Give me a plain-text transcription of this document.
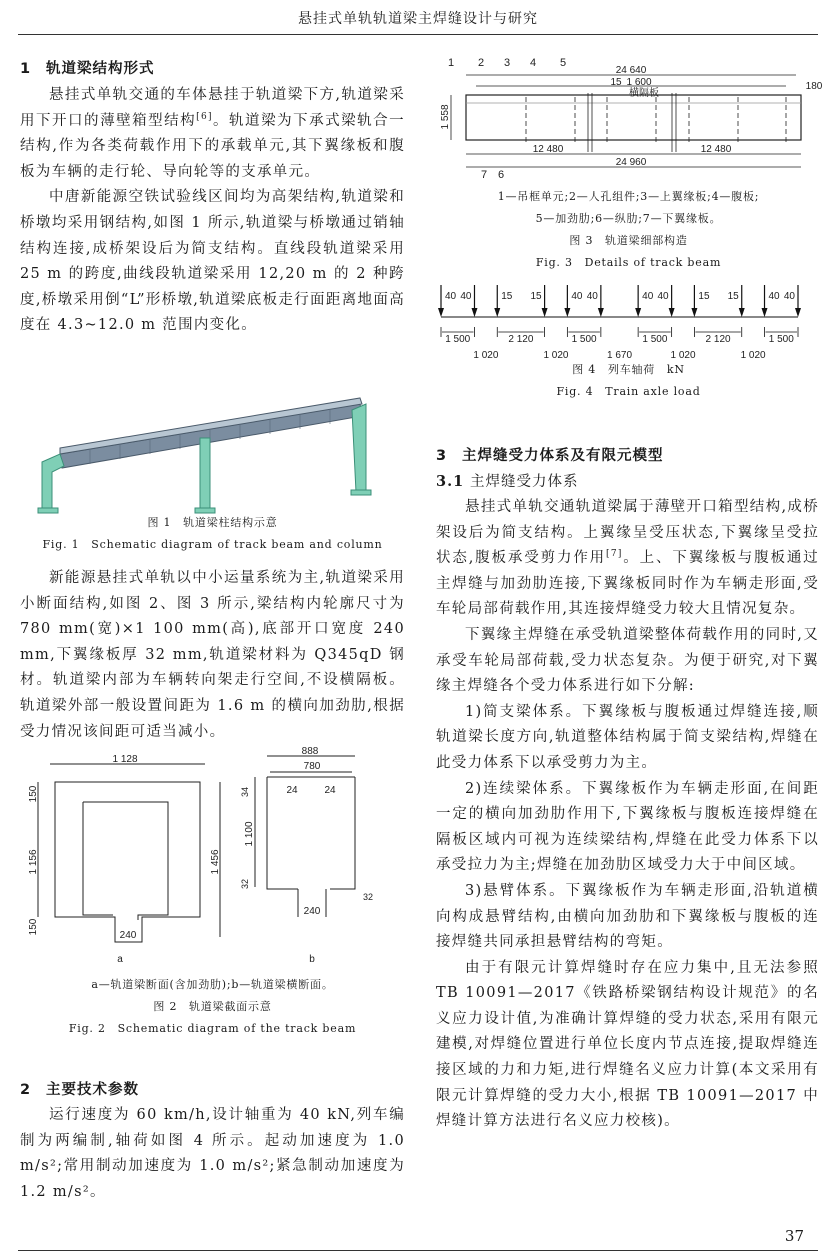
悬挂式单轨轨道梁主焊缝设计与研究
1 轨道梁结构形式

悬挂式单轨交通的车体悬挂于轨道梁下方,轨道梁采用下开口的薄壁箱型结构[6]。轨道梁为下承式梁轨合一结构,作为各类荷载作用下的承载单元,其下翼缘板和腹板为车辆的走行轮、导向轮等的支承单元。

中唐新能源空铁试验线区间均为高架结构,轨道梁和桥墩均采用钢结构,如图 1 所示,轨道梁与桥墩通过销轴结构连接,成桥架设后为简支结构。直线段轨道梁采用 25 m 的跨度,曲线段轨道梁采用 12,20 m 的 2 种跨度,桥墩采用倒“L”形桥墩,轨道梁底板走行面距离地面高度在 4.3~12.0 m 范围内变化。

图 1　轨道梁柱结构示意
Fig. 1　Schematic diagram of track beam and column

新能源悬挂式单轨以中小运量系统为主,轨道梁采用小断面结构,如图 2、图 3 所示,梁结构内轮廓尺寸为 780 mm(宽)×1 100 mm(高),底部开口宽度 240 mm,下翼缘板厚 32 mm,轨道梁材料为 Q345qD 钢材。轨道梁内部为车辆转向架走行空间,不设横隔板。轨道梁外部一般设置间距为 1.6 m 的横向加劲肋,根据受力情况该间距可适当减小。

1 128
150
1 156
150
1 456
240
a
888
780
34	24	24
1 100
32
240
32
b
a—轨道梁断面(含加劲肋);b—轨道梁横断面。
图 2　轨道梁截面示意
Fig. 2　Schematic diagram of the track beam
2 主要技术参数

运行速度为 60 km/h,设计轴重为 40 kN,列车编制为两编制,轴荷如图 4 所示。起动加速度为 1.0 m/s²;常用制动加速度为 1.0 m/s²;紧急制动加速度为 1.2 m/s²。

24 640
15 1 600
横隔板
180
1 558
12 480	12 480
24 960
1 2 3 4 5
6
7
1—吊框单元;2—人孔组件;3—上翼缘板;4—腹板;
5—加劲肋;6—纵肋;7—下翼缘板。
图 3　轨道梁细部构造
Fig. 3　Details of track beam
40 40	15 15	40 40	40 40	15 15	40 40
1 500
1 020
2 120
1 020
1 500
1 670
1 500
1 020
2 120
1 020
1 500
图 4　列车轴荷　kN
Fig. 4　Train axle load
3 主焊缝受力体系及有限元模型
3.1 主焊缝受力体系

悬挂式单轨交通轨道梁属于薄壁开口箱型结构,成桥架设后为简支结构。上翼缘呈受压状态,下翼缘呈受拉状态,腹板承受剪力作用[7]。上、下翼缘板与腹板通过主焊缝与加劲肋连接,下翼缘板同时作为车辆走形面,受车轮局部荷载作用,其连接焊缝受力较大且情况复杂。

下翼缘主焊缝在承受轨道梁整体荷载作用的同时,又承受车轮局部荷载,受力状态复杂。为便于研究,对下翼缘主焊缝各个受力体系进行如下分解:

1)简支梁体系。下翼缘板与腹板通过焊缝连接,顺轨道梁长度方向,轨道整体结构属于简支梁结构,焊缝在此受力体系下以承受剪力为主。

2)连续梁体系。下翼缘板作为车辆走形面,在间距一定的横向加劲肋作用下,下翼缘板与腹板连接焊缝在隔板区域内可视为连续梁结构,焊缝在此受力体系下以承受拉力为主;焊缝在加劲肋区域受力大于中间区域。

3)悬臂体系。下翼缘板作为车辆走形面,沿轨道横向构成悬臂结构,由横向加劲肋和下翼缘板与腹板的连接焊缝共同承担悬臂结构的弯矩。

由于有限元计算焊缝时存在应力集中,且无法参照 TB 10091—2017《铁路桥梁钢结构设计规范》的名义应力设计值,为准确计算焊缝的受力状态,采用有限元建模,对焊缝位置进行单位长度内节点连接,提取焊缝连接区域的力和力矩,进行焊缝名义应力计算(本文采用有限元计算焊缝的受力大小,根据 TB 10091—2017 中焊缝计算方法进行名义应力校核)。

37
